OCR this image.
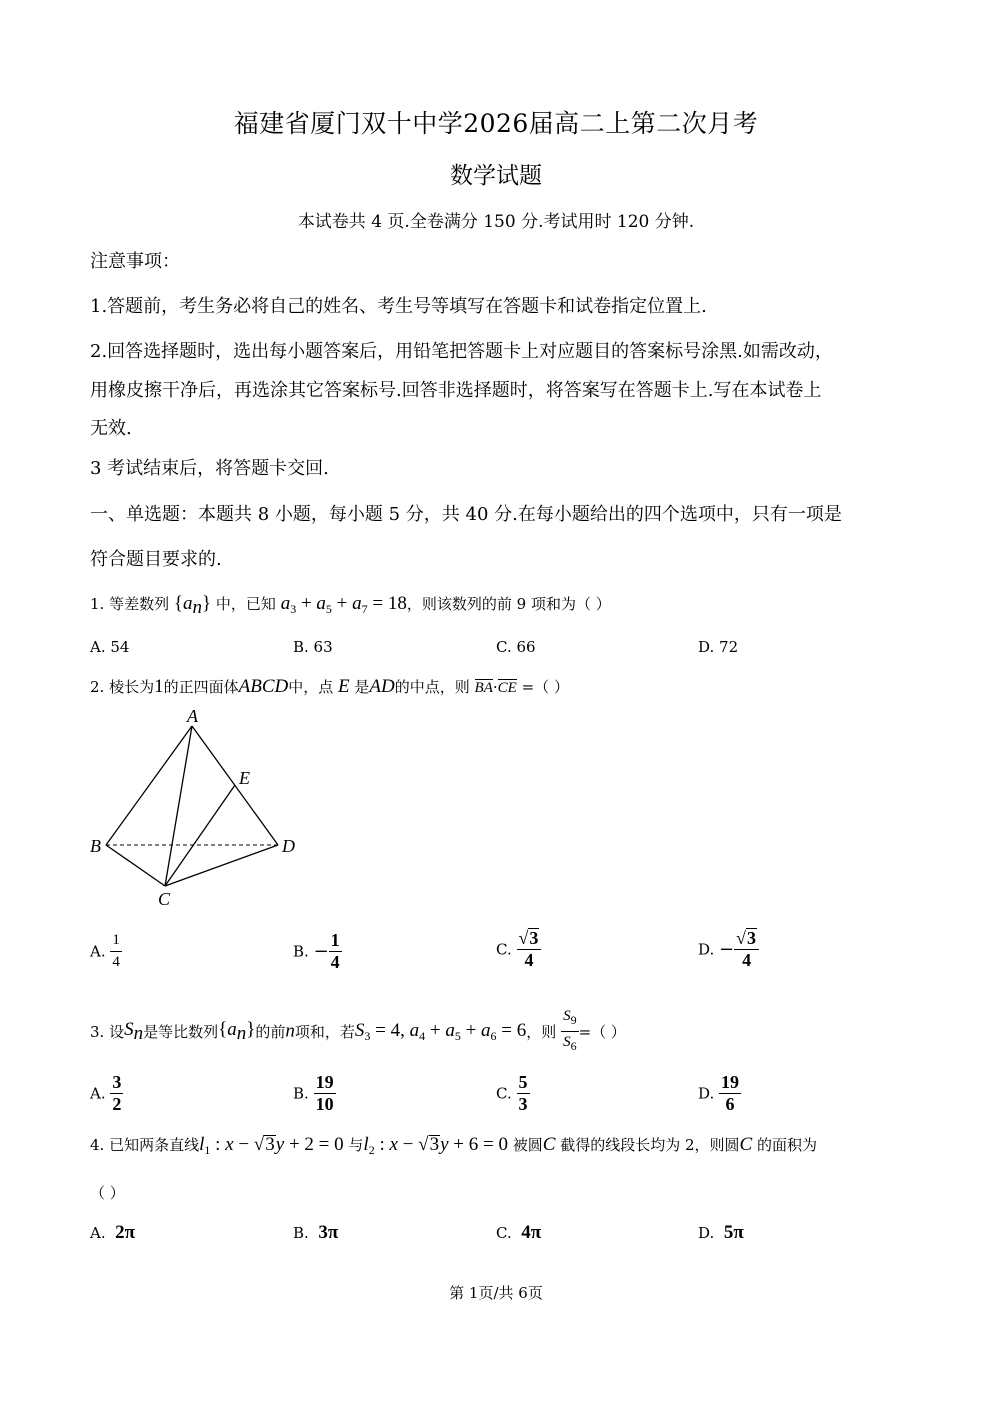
福建省厦门双十中学2026届高二上第二次月考
数学试题
本试卷共 4 页.全卷满分 150 分.考试用时 120 分钟.
注意事项：
1.答题前，考生务必将自己的姓名、考生号等填写在答题卡和试卷指定位置上.
2.回答选择题时，选出每小题答案后，用铅笔把答题卡上对应题目的答案标号涂黑.如需改动，
用橡皮擦干净后，再选涂其它答案标号.回答非选择题时，将答案写在答题卡上.写在本试卷上
无效.
3 考试结束后，将答题卡交回.
一、单选题：本题共 8 小题，每小题 5 分，共 40 分.在每小题给出的四个选项中，只有一项是
符合题目要求的.
1. 等差数列 $\{a_n\}$ 中，已知 $a_3 + a_5 + a_7 = 18$，则该数列的前 9 项和为（ ）
A. 54	B. 63	C. 66	D. 72
2. 棱长为1的正四面体ABCD中，点 E 是AD的中点，则 BA·CE =（ ）
A
B
C
D
E
A. $\frac{1}{4}$	B. − $\frac{1}{4}$	C. $\frac{√3}{4}$	D. − $\frac{√3}{4}$
3. 设$S_n$是等比数列$\{a_n\}$的前n项和，若$S_3 = 4$, $a_4 + a_5 + a_6 = 6$，则 $\frac{S_9}{S_6}$ =（ ）
A. $\frac{3}{2}$	B. $\frac{19}{10}$	C. $\frac{5}{3}$	D. $\frac{19}{6}$
4. 已知两条直线$l_1$ : x − √3y + 2 = 0 与$l_2$ : x − √3y + 6 = 0 被圆C 截得的线段长均为 2，则圆C 的面积为
（ ）
A. 2π	B. 3π	C. 4π	D. 5π
第 1页/共 6页
